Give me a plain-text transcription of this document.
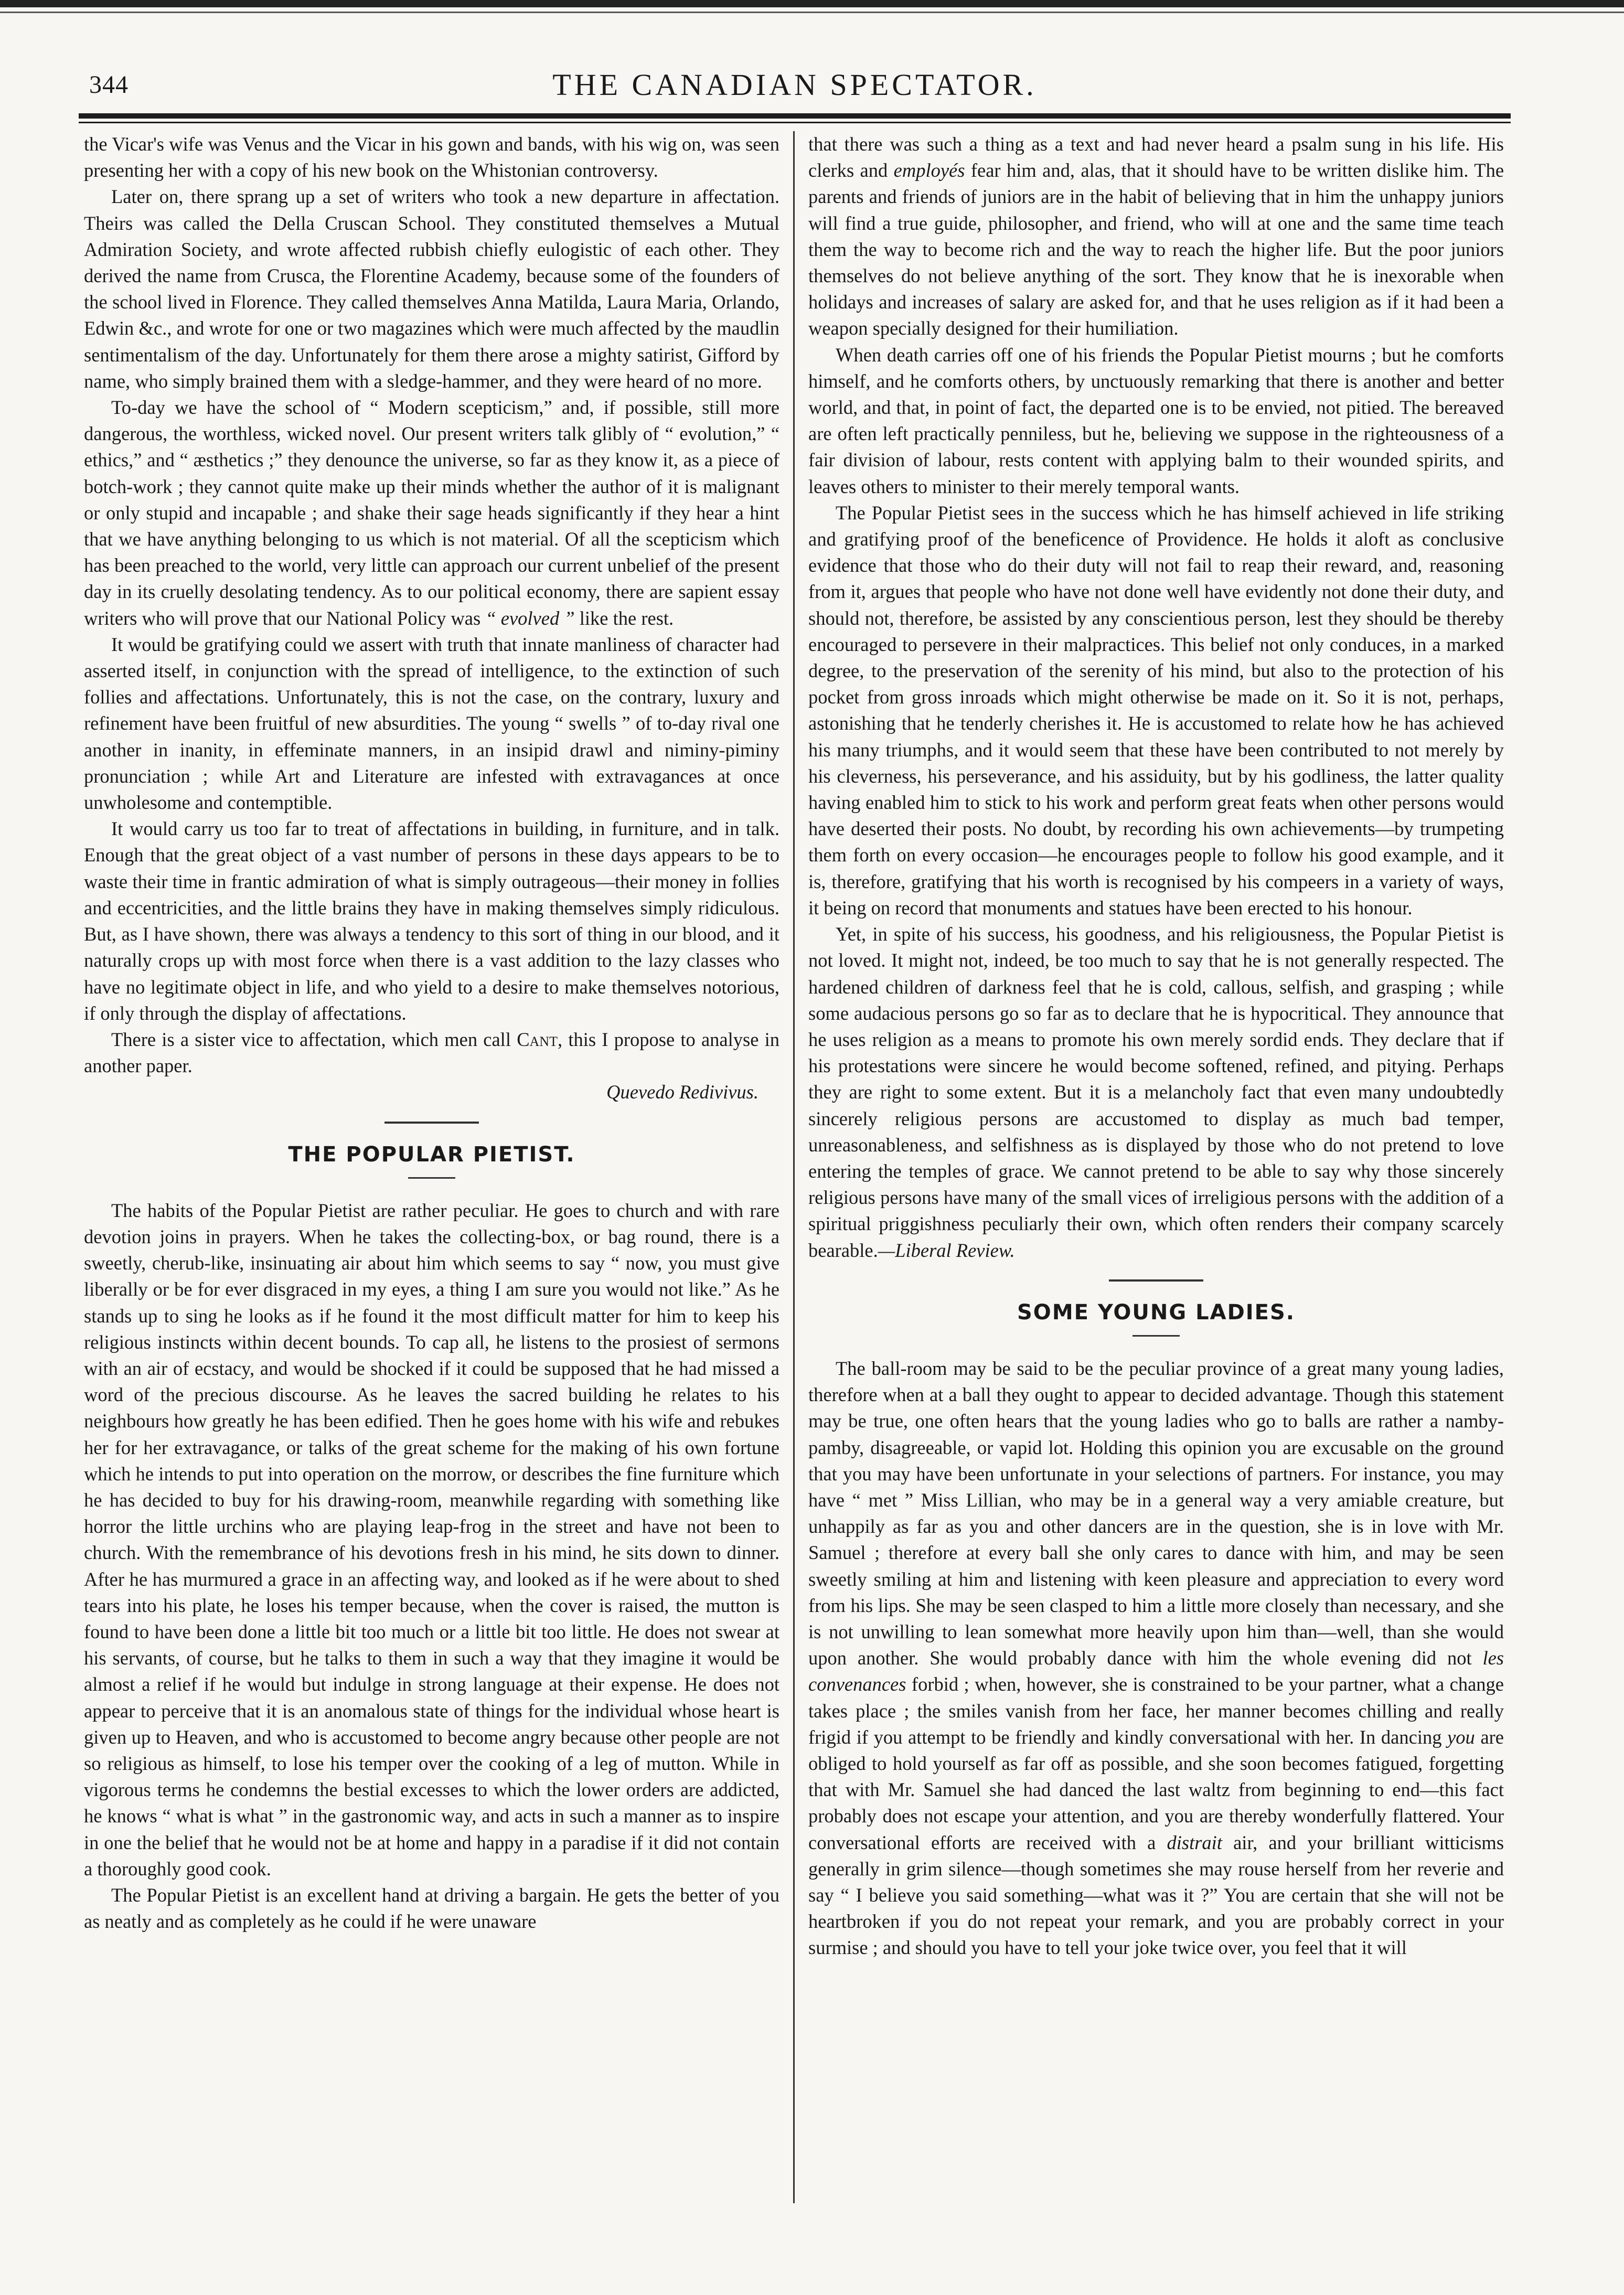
344	THE CANADIAN SPECTATOR.

the Vicar's wife was Venus and the Vicar in his gown and bands, with his wig on, was seen presenting her with a copy of his new book on the Whistonian controversy.

Later on, there sprang up a set of writers who took a new departure in affectation. Theirs was called the Della Cruscan School. They constituted themselves a Mutual Admiration Society, and wrote affected rubbish chiefly eulogistic of each other. They derived the name from Crusca, the Florentine Academy, because some of the founders of the school lived in Florence. They called themselves Anna Matilda, Laura Maria, Orlando, Edwin &c., and wrote for one or two magazines which were much affected by the maudlin sentimentalism of the day. Unfortunately for them there arose a mighty satirist, Gifford by name, who simply brained them with a sledge-hammer, and they were heard of no more.

To-day we have the school of “ Modern scepticism,” and, if possible, still more dangerous, the worthless, wicked novel. Our present writers talk glibly of “ evolution,” “ ethics,” and “ æsthetics ;” they denounce the universe, so far as they know it, as a piece of botch-work ; they cannot quite make up their minds whether the author of it is malignant or only stupid and incapable ; and shake their sage heads significantly if they hear a hint that we have anything belonging to us which is not material. Of all the scepticism which has been preached to the world, very little can approach our current unbelief of the present day in its cruelly desolating tendency. As to our political economy, there are sapient essay writers who will prove that our National Policy was “ evolved ” like the rest.

It would be gratifying could we assert with truth that innate manliness of character had asserted itself, in conjunction with the spread of intelligence, to the extinction of such follies and affectations. Unfortunately, this is not the case, on the contrary, luxury and refinement have been fruitful of new absurdities. The young “ swells ” of to-day rival one another in inanity, in effeminate manners, in an insipid drawl and niminy-piminy pronunciation ; while Art and Literature are infested with extravagances at once unwholesome and contemptible.

It would carry us too far to treat of affectations in building, in furniture, and in talk. Enough that the great object of a vast number of persons in these days appears to be to waste their time in frantic admiration of what is simply outrageous—their money in follies and eccentricities, and the little brains they have in making themselves simply ridiculous. But, as I have shown, there was always a tendency to this sort of thing in our blood, and it naturally crops up with most force when there is a vast addition to the lazy classes who have no legitimate object in life, and who yield to a desire to make themselves notorious, if only through the display of affectations.

There is a sister vice to affectation, which men call Cant, this I propose to analyse in another paper.

Quevedo Redivivus.
THE POPULAR PIETIST.

The habits of the Popular Pietist are rather peculiar. He goes to church and with rare devotion joins in prayers. When he takes the collecting-box, or bag round, there is a sweetly, cherub-like, insinuating air about him which seems to say “ now, you must give liberally or be for ever disgraced in my eyes, a thing I am sure you would not like.” As he stands up to sing he looks as if he found it the most difficult matter for him to keep his religious instincts within decent bounds. To cap all, he listens to the prosiest of sermons with an air of ecstacy, and would be shocked if it could be supposed that he had missed a word of the precious discourse. As he leaves the sacred building he relates to his neighbours how greatly he has been edified. Then he goes home with his wife and rebukes her for her extravagance, or talks of the great scheme for the making of his own fortune which he intends to put into operation on the morrow, or describes the fine furniture which he has decided to buy for his drawing-room, meanwhile regarding with something like horror the little urchins who are playing leap-frog in the street and have not been to church. With the remembrance of his devotions fresh in his mind, he sits down to dinner. After he has murmured a grace in an affecting way, and looked as if he were about to shed tears into his plate, he loses his temper because, when the cover is raised, the mutton is found to have been done a little bit too much or a little bit too little. He does not swear at his servants, of course, but he talks to them in such a way that they imagine it would be almost a relief if he would but indulge in strong language at their expense. He does not appear to perceive that it is an anomalous state of things for the individual whose heart is given up to Heaven, and who is accustomed to become angry because other people are not so religious as himself, to lose his temper over the cooking of a leg of mutton. While in vigorous terms he condemns the bestial excesses to which the lower orders are addicted, he knows “ what is what ” in the gastronomic way, and acts in such a manner as to inspire in one the belief that he would not be at home and happy in a paradise if it did not contain a thoroughly good cook.

The Popular Pietist is an excellent hand at driving a bargain. He gets the better of you as neatly and as completely as he could if he were unaware

that there was such a thing as a text and had never heard a psalm sung in his life. His clerks and employés fear him and, alas, that it should have to be written dislike him. The parents and friends of juniors are in the habit of believing that in him the unhappy juniors will find a true guide, philosopher, and friend, who will at one and the same time teach them the way to become rich and the way to reach the higher life. But the poor juniors themselves do not believe anything of the sort. They know that he is inexorable when holidays and increases of salary are asked for, and that he uses religion as if it had been a weapon specially designed for their humiliation.

When death carries off one of his friends the Popular Pietist mourns ; but he comforts himself, and he comforts others, by unctuously remarking that there is another and better world, and that, in point of fact, the departed one is to be envied, not pitied. The bereaved are often left practically penniless, but he, believing we suppose in the righteousness of a fair division of labour, rests content with applying balm to their wounded spirits, and leaves others to minister to their merely temporal wants.

The Popular Pietist sees in the success which he has himself achieved in life striking and gratifying proof of the beneficence of Providence. He holds it aloft as conclusive evidence that those who do their duty will not fail to reap their reward, and, reasoning from it, argues that people who have not done well have evidently not done their duty, and should not, therefore, be assisted by any conscientious person, lest they should be thereby encouraged to persevere in their malpractices. This belief not only conduces, in a marked degree, to the preservation of the serenity of his mind, but also to the protection of his pocket from gross inroads which might otherwise be made on it. So it is not, perhaps, astonishing that he tenderly cherishes it. He is accustomed to relate how he has achieved his many triumphs, and it would seem that these have been contributed to not merely by his cleverness, his perseverance, and his assiduity, but by his godliness, the latter quality having enabled him to stick to his work and perform great feats when other persons would have deserted their posts. No doubt, by recording his own achievements—by trumpeting them forth on every occasion—he encourages people to follow his good example, and it is, therefore, gratifying that his worth is recognised by his compeers in a variety of ways, it being on record that monuments and statues have been erected to his honour.

Yet, in spite of his success, his goodness, and his religiousness, the Popular Pietist is not loved. It might not, indeed, be too much to say that he is not generally respected. The hardened children of darkness feel that he is cold, callous, selfish, and grasping ; while some audacious persons go so far as to declare that he is hypocritical. They announce that he uses religion as a means to promote his own merely sordid ends. They declare that if his protestations were sincere he would become softened, refined, and pitying. Perhaps they are right to some extent. But it is a melancholy fact that even many undoubtedly sincerely religious persons are accustomed to display as much bad temper, unreasonableness, and selfishness as is displayed by those who do not pretend to love entering the temples of grace. We cannot pretend to be able to say why those sincerely religious persons have many of the small vices of irreligious persons with the addition of a spiritual priggishness peculiarly their own, which often renders their company scarcely bearable.—Liberal Review.

SOME YOUNG LADIES.

The ball-room may be said to be the peculiar province of a great many young ladies, therefore when at a ball they ought to appear to decided advantage. Though this statement may be true, one often hears that the young ladies who go to balls are rather a namby-pamby, disagreeable, or vapid lot. Holding this opinion you are excusable on the ground that you may have been unfortunate in your selections of partners. For instance, you may have “ met ” Miss Lillian, who may be in a general way a very amiable creature, but unhappily as far as you and other dancers are in the question, she is in love with Mr. Samuel ; therefore at every ball she only cares to dance with him, and may be seen sweetly smiling at him and listening with keen pleasure and appreciation to every word from his lips. She may be seen clasped to him a little more closely than necessary, and she is not unwilling to lean somewhat more heavily upon him than—well, than she would upon another. She would probably dance with him the whole evening did not les convenances forbid ; when, however, she is constrained to be your partner, what a change takes place ; the smiles vanish from her face, her manner becomes chilling and really frigid if you attempt to be friendly and kindly conversational with her. In dancing you are obliged to hold yourself as far off as possible, and she soon becomes fatigued, forgetting that with Mr. Samuel she had danced the last waltz from beginning to end—this fact probably does not escape your attention, and you are thereby wonderfully flattered. Your conversational efforts are received with a distrait air, and your brilliant witticisms generally in grim silence—though sometimes she may rouse herself from her reverie and say “ I believe you said something—what was it ?” You are certain that she will not be heartbroken if you do not repeat your remark, and you are probably correct in your surmise ; and should you have to tell your joke twice over, you feel that it will
